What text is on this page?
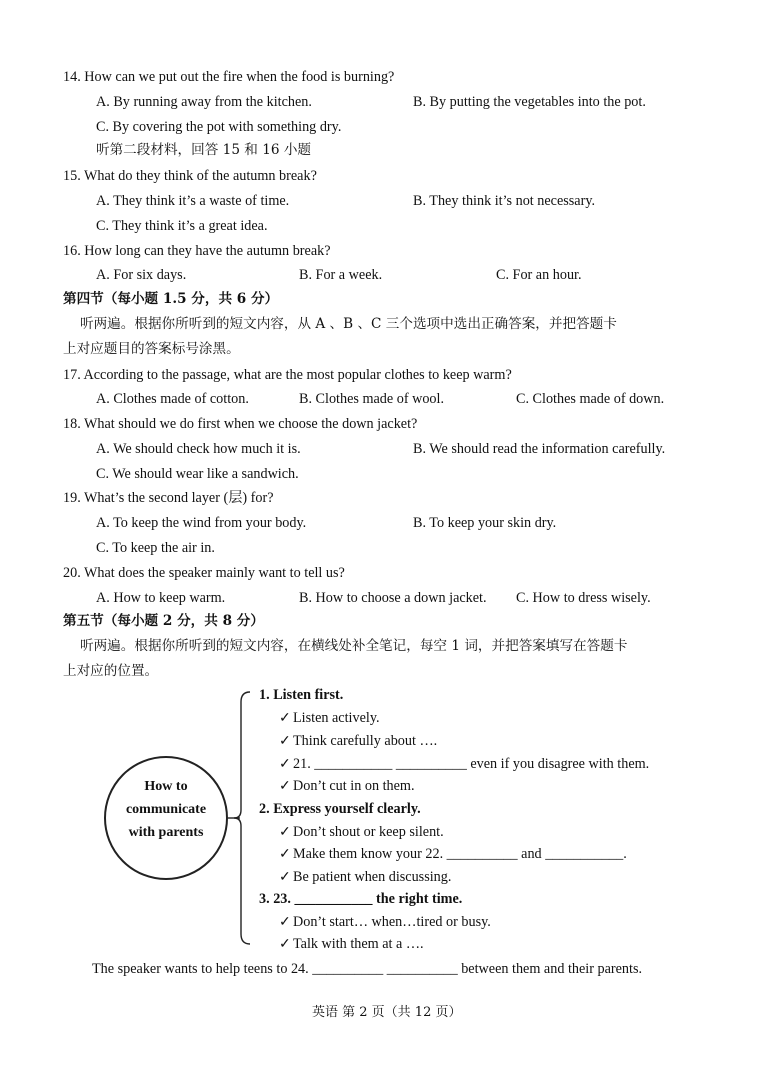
14. How can we put out the fire when the food is burning?
A. By running away from the kitchen.	B. By putting the vegetables into the pot.
C. By covering the pot with something dry.
听第二段材料，回答 15 和 16 小题
15. What do they think of the autumn break?
A. They think it’s a waste of time.	B. They think it’s not necessary.
C. They think it’s a great idea.
16. How long can they have the autumn break?
A. For six days.	B. For a week.	C. For an hour.
第四节（每小题 1.5 分，共 6 分）
听两遍。根据你所听到的短文内容，从 A 、B 、C 三个选项中选出正确答案，并把答题卡
上对应题目的答案标号涂黑。
17. According to the passage, what are the most popular clothes to keep warm?
A. Clothes made of cotton.	B. Clothes made of wool.	C. Clothes made of down.
18. What should we do first when we choose the down jacket?
A. We should check how much it is.	B. We should read the information carefully.
C. We should wear like a sandwich.
19. What’s the second layer (层) for?
A. To keep the wind from your body.	B. To keep your skin dry.
C. To keep the air in.
20. What does the speaker mainly want to tell us?
A. How to keep warm.	B. How to choose a down jacket. C. How to dress wisely.
第五节（每小题 2 分，共 8 分）
听两遍。根据你所听到的短文内容，在横线处补全笔记，每空 1 词，并把答案填写在答题卡
上对应的位置。
How to
communicate
with parents
1. Listen first.
✓ Listen actively.
✓ Think carefully about ….
✓ 21. ___________ __________ even if you disagree with them.
✓ Don’t cut in on them.
2. Express yourself clearly.
✓ Don’t shout or keep silent.
✓ Make them know your 22. __________ and ___________.
✓ Be patient when discussing.
3. 23. ___________ the right time.
✓ Don’t start… when…tired or busy.
✓ Talk with them at a ….
The speaker wants to help teens to 24. __________ __________ between them and their parents.
英语 第 2 页（共 12 页）
